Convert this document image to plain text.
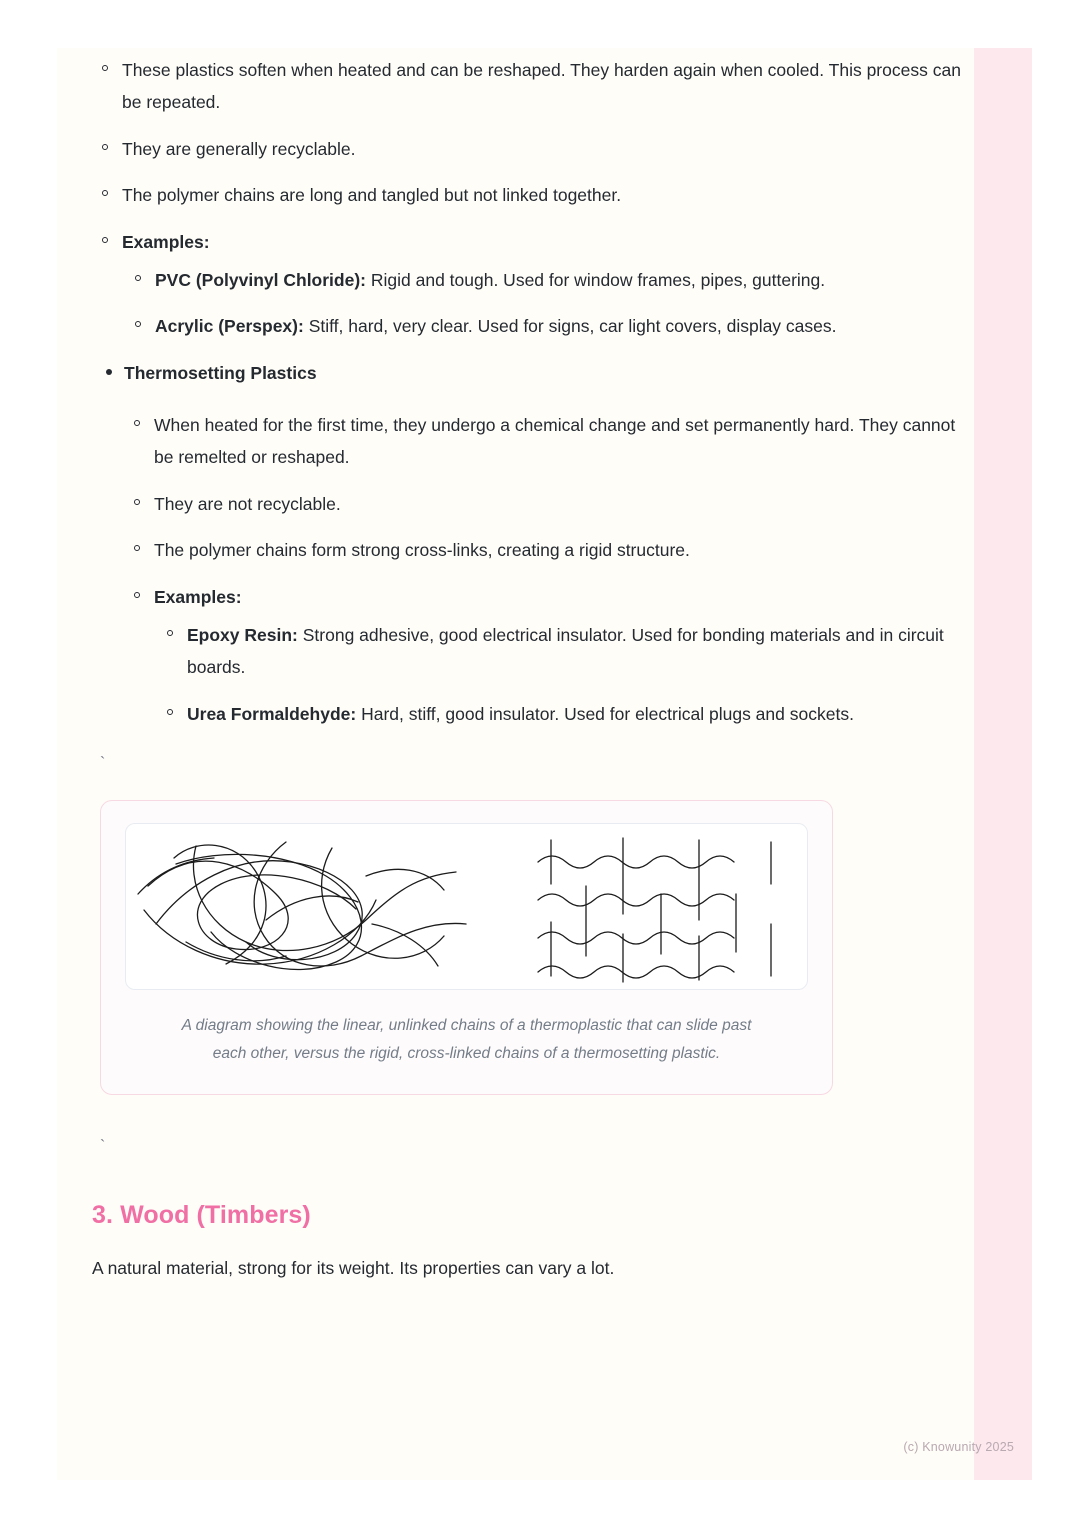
These plastics soften when heated and can be reshaped. They harden again when cooled. This process can be repeated.
They are generally recyclable.
The polymer chains are long and tangled but not linked together.
Examples:
PVC (Polyvinyl Chloride): Rigid and tough. Used for window frames, pipes, guttering.
Acrylic (Perspex): Stiff, hard, very clear. Used for signs, car light covers, display cases.
Thermosetting Plastics
When heated for the first time, they undergo a chemical change and set permanently hard. They cannot be remelted or reshaped.
They are not recyclable.
The polymer chains form strong cross-links, creating a rigid structure.
Examples:
Epoxy Resin: Strong adhesive, good electrical insulator. Used for bonding materials and in circuit boards.
Urea Formaldehyde: Hard, stiff, good insulator. Used for electrical plugs and sockets.
`
A diagram showing the linear, unlinked chains of a thermoplastic that can slide past each other, versus the rigid, cross-linked chains of a thermosetting plastic.
`
3. Wood (Timbers)

A natural material, strong for its weight. Its properties can vary a lot.

(c) Knowunity 2025
